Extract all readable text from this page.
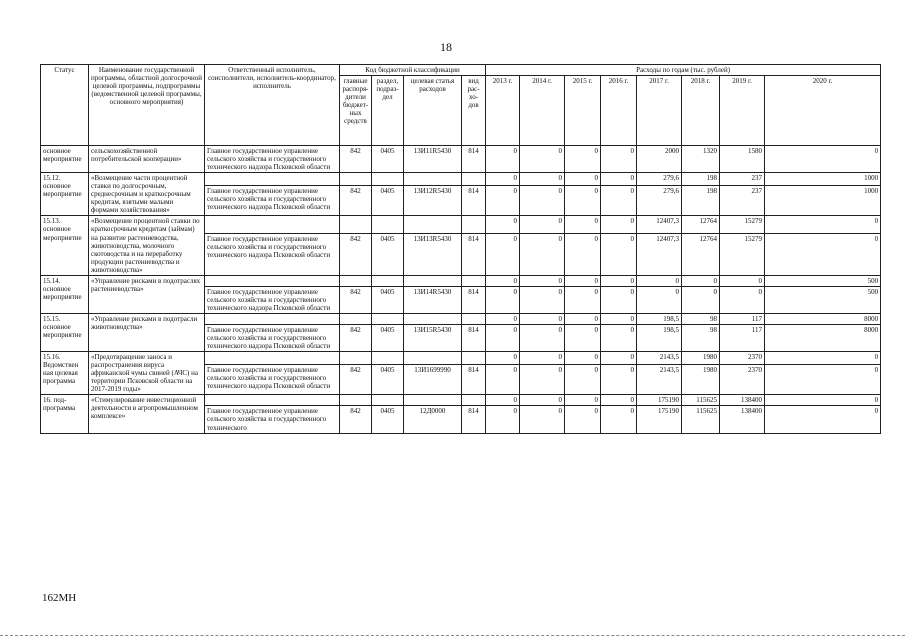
18
Статус	Наименование государственной программы, областной долгосрочной целевой программы, подпрограммы (ведомственной целевой программы, основного мероприятия)	Ответственный исполнитель, соисполнители, исполнитель-координатор, исполнитель	Код бюджетной классификации				Расходы по годам (тыс. рублей)							
			главные распоря-дители бюджет-ных средств	раздел, подраз-дел	целевая статья расходов	вид рас-хо-дов	2013 г.	2014 г.	2015 г.	2016 г.	2017 г.	2018 г.	2019 г.	2020 г.
основное мероприятие	сельскохозяйственной потребительской кооперации»	Главное государственное управление сельского хозяйства и государственного технического надзора Псковской области	842	0405	13И11R5430	814	0	0	0	0	2000	1320	1580	0
15.12. основное мероприятие	«Возмещение части процентной ставки по долгосрочным, среднесрочным и краткосрочным кредитам, взятыми малыми формами хозяйствования»						0	0	0	0	279,6	198	237	1000
		Главное государственное управление сельского хозяйства и государственного технического надзора Псковской области	842	0405	13И12R5430	814	0	0	0	0	279,6	198	237	1000
15.13. основное мероприятие	«Возмещение процентной ставки по краткосрочным кредитам (займам) на развитие растениеводства, животноводства, молочного скотоводства и на переработку продукции растениеводства и животноводства»						0	0	0	0	12407,3	12764	15279	0
		Главное государственное управление сельского хозяйства и государственного технического надзора Псковской области	842	0405	13И13R5430	814	0	0	0	0	12407,3	12764	15279	0
15.14. основное мероприятие	«Управление рисками в подотраслях растениеводства»						0	0	0	0	0	0	0	500
		Главное государственное управление сельского хозяйства и государственного технического надзора Псковской области	842	0405	13И14R5430	814	0	0	0	0	0	0	0	500
15.15. основное мероприятие	«Управление рисками в подотрасли животноводства»						0	0	0	0	198,5	98	117	8000
		Главное государственное управление сельского хозяйства и государственного технического надзора Псковской области	842	0405	13И15R5430	814	0	0	0	0	198,5	98	117	8000
15.16. Ведомствен ная целевая программа	«Предотвращение заноса и распространения вируса африканской чумы свиней (АЧС) на территории Псковской области на 2017-2019 годы»						0	0	0	0	2143,5	1980	2370	0
		Главное государственное управление сельского хозяйства и государственного технического надзора Псковской области	842	0405	13И1699990	814	0	0	0	0	2143,5	1980	2370	0
16. под-программа	«Стимулирование инвестиционной деятельности в агропромышленном комплексе»						0	0	0	0	175190	115625	138400	0
		Главное государственное управление сельского хозяйства и государственного технического	842	0405	12Д0000	814	0	0	0	0	175190	115625	138400	0
162МН
